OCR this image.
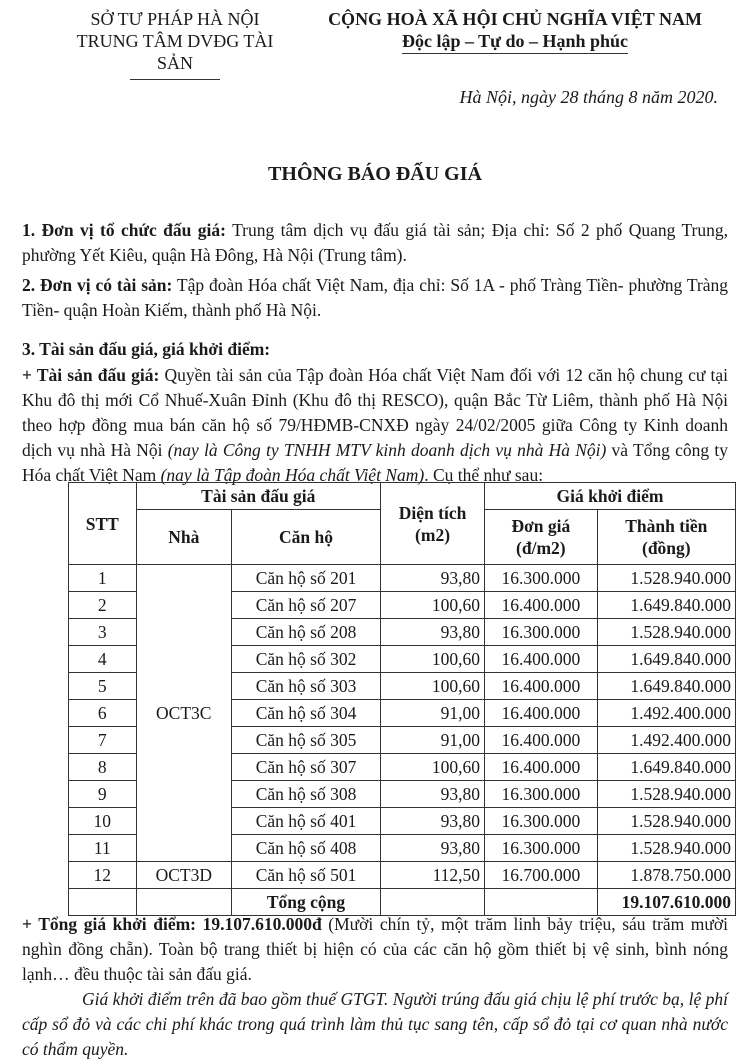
SỞ TƯ PHÁP HÀ NỘI
TRUNG TÂM DVĐG TÀI SẢN
CỘNG HOÀ XÃ HỘI CHỦ NGHĨA VIỆT NAM
Độc lập – Tự do – Hạnh phúc
Hà Nội, ngày 28 tháng 8 năm 2020.
THÔNG BÁO ĐẤU GIÁ
1. Đơn vị tổ chức đấu giá: Trung tâm dịch vụ đấu giá tài sản; Địa chỉ: Số 2 phố Quang Trung, phường Yết Kiêu, quận Hà Đông, Hà Nội (Trung tâm).
2. Đơn vị có tài sản: Tập đoàn Hóa chất Việt Nam, địa chỉ: Số 1A - phố Tràng Tiền- phường Tràng Tiền- quận Hoàn Kiếm, thành phố Hà Nội.
3. Tài sản đấu giá, giá khởi điểm:
+ Tài sản đấu giá: Quyền tài sản của Tập đoàn Hóa chất Việt Nam đối với 12 căn hộ chung cư tại Khu đô thị mới Cổ Nhuế-Xuân Đỉnh (Khu đô thị RESCO), quận Bắc Từ Liêm, thành phố Hà Nội theo hợp đồng mua bán căn hộ số 79/HĐMB-CNXĐ ngày 24/02/2005 giữa Công ty Kinh doanh dịch vụ nhà Hà Nội (nay là Công ty TNHH MTV kinh doanh dịch vụ nhà Hà Nội) và Tổng công ty Hóa chất Việt Nam (nay là Tập đoàn Hóa chất Việt Nam). Cụ thể như sau:
STT	Tài sản đấu giá		Diện tích (m2)	Giá khởi điểm	
	Nhà	Căn hộ		Đơn giá (đ/m2)	Thành tiền (đồng)
1	OCT3C	Căn hộ số 201	93,80	16.300.000	1.528.940.000
2		Căn hộ số 207	100,60	16.400.000	1.649.840.000
3		Căn hộ số 208	93,80	16.300.000	1.528.940.000
4		Căn hộ số 302	100,60	16.400.000	1.649.840.000
5		Căn hộ số 303	100,60	16.400.000	1.649.840.000
6		Căn hộ số 304	91,00	16.400.000	1.492.400.000
7		Căn hộ số 305	91,00	16.400.000	1.492.400.000
8		Căn hộ số 307	100,60	16.400.000	1.649.840.000
9		Căn hộ số 308	93,80	16.300.000	1.528.940.000
10		Căn hộ số 401	93,80	16.300.000	1.528.940.000
11		Căn hộ số 408	93,80	16.300.000	1.528.940.000
12	OCT3D	Căn hộ số 501	112,50	16.700.000	1.878.750.000
		Tổng cộng			19.107.610.000
+ Tổng giá khởi điểm: 19.107.610.000đ (Mười chín tỷ, một trăm linh bảy triệu, sáu trăm mười nghìn đồng chẵn). Toàn bộ trang thiết bị hiện có của các căn hộ gồm thiết bị vệ sinh, bình nóng lạnh… đều thuộc tài sản đấu giá.
Giá khởi điểm trên đã bao gồm thuế GTGT. Người trúng đấu giá chịu lệ phí trước bạ, lệ phí cấp sổ đỏ và các chi phí khác trong quá trình làm thủ tục sang tên, cấp sổ đỏ tại cơ quan nhà nước có thẩm quyền.
